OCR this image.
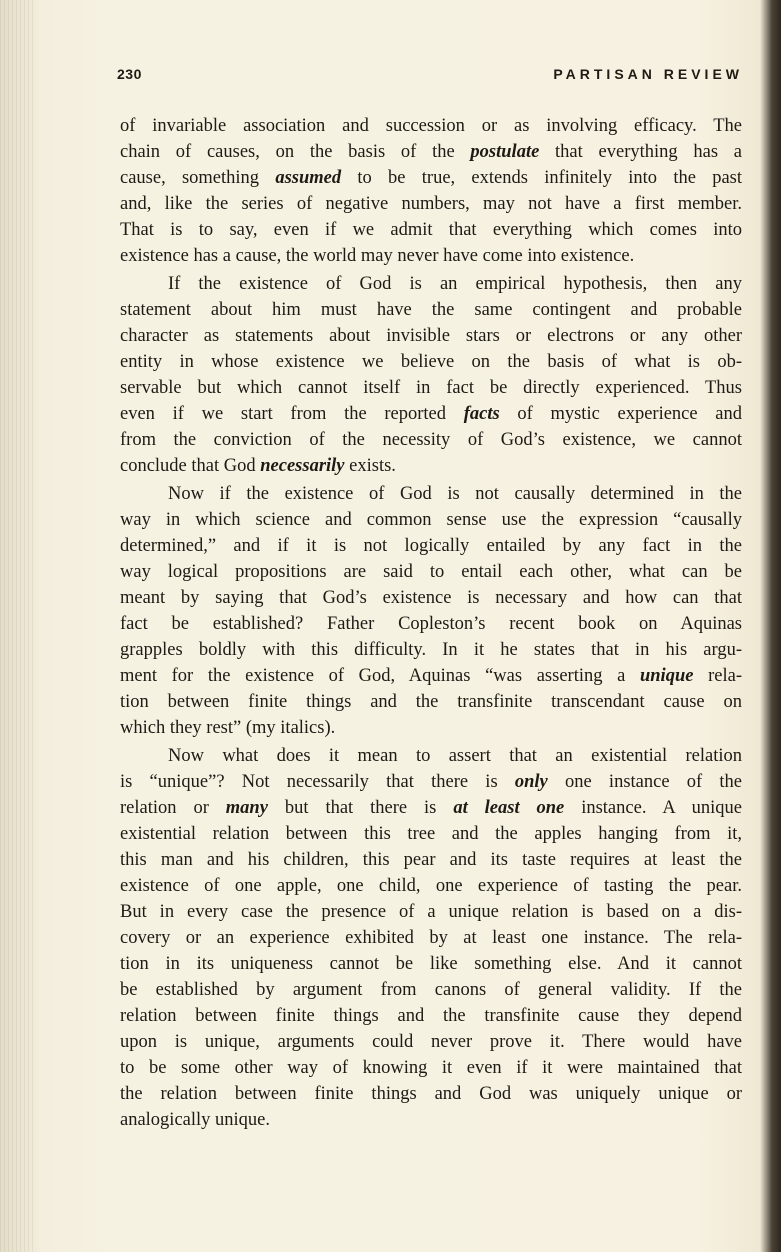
230	PARTISAN REVIEW
of invariable association and succession or as involving efficacy. The
chain of causes, on the basis of the postulate that everything has a
cause, something assumed to be true, extends infinitely into the past
and, like the series of negative numbers, may not have a first member.
That is to say, even if we admit that everything which comes into
existence has a cause, the world may never have come into existence.
If the existence of God is an empirical hypothesis, then any
statement about him must have the same contingent and probable
character as statements about invisible stars or electrons or any other
entity in whose existence we believe on the basis of what is ob-
servable but which cannot itself in fact be directly experienced. Thus
even if we start from the reported facts of mystic experience and
from the conviction of the necessity of God’s existence, we cannot
conclude that God necessarily exists.
Now if the existence of God is not causally determined in the
way in which science and common sense use the expression “causally
determined,” and if it is not logically entailed by any fact in the
way logical propositions are said to entail each other, what can be
meant by saying that God’s existence is necessary and how can that
fact be established? Father Copleston’s recent book on Aquinas
grapples boldly with this difficulty. In it he states that in his argu-
ment for the existence of God, Aquinas “was asserting a unique rela-
tion between finite things and the transfinite transcendant cause on
which they rest” (my italics).
Now what does it mean to assert that an existential relation
is “unique”? Not necessarily that there is only one instance of the
relation or many but that there is at least one instance. A unique
existential relation between this tree and the apples hanging from it,
this man and his children, this pear and its taste requires at least the
existence of one apple, one child, one experience of tasting the pear.
But in every case the presence of a unique relation is based on a dis-
covery or an experience exhibited by at least one instance. The rela-
tion in its uniqueness cannot be like something else. And it cannot
be established by argument from canons of general validity. If the
relation between finite things and the transfinite cause they depend
upon is unique, arguments could never prove it. There would have
to be some other way of knowing it even if it were maintained that
the relation between finite things and God was uniquely unique or
analogically unique.
